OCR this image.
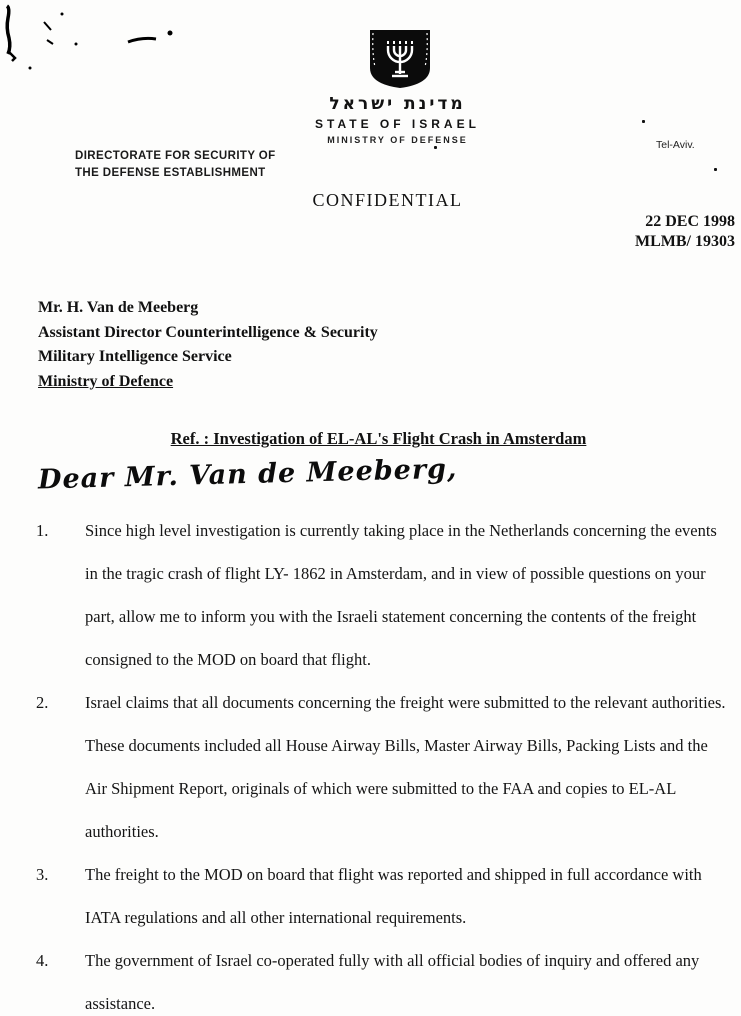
מדינת ישראל
STATE OF ISRAEL
MINISTRY OF DEFENSE
DIRECTORATE FOR SECURITY OF
THE DEFENSE ESTABLISHMENT
Tel-Aviv.
CONFIDENTIAL
22 DEC 1998
MLMB/ 19303
Mr. H. Van de Meeberg
Assistant Director Counterintelligence & Security
Military Intelligence Service
Ministry of Defence
Ref. : Investigation of EL-AL's Flight Crash in Amsterdam
Dear Mr. Van de Meeberg,
1.	Since high level investigation is currently taking place in the Netherlands concerning the events in the tragic crash of flight LY- 1862 in Amsterdam, and in view of possible questions on your part, allow me to inform you with the Israeli statement concerning the contents of the freight consigned to the MOD on board that flight.
2.	Israel claims that all documents concerning the freight were submitted to the relevant authorities. These documents included all House Airway Bills, Master Airway Bills, Packing Lists and the Air Shipment Report, originals of which were submitted to the FAA and copies to EL-AL authorities.
3.	The freight to the MOD on board that flight was reported and shipped in full accordance with IATA regulations and all other international requirements.
4.	The government of Israel co-operated fully with all official bodies of inquiry and offered any assistance.
